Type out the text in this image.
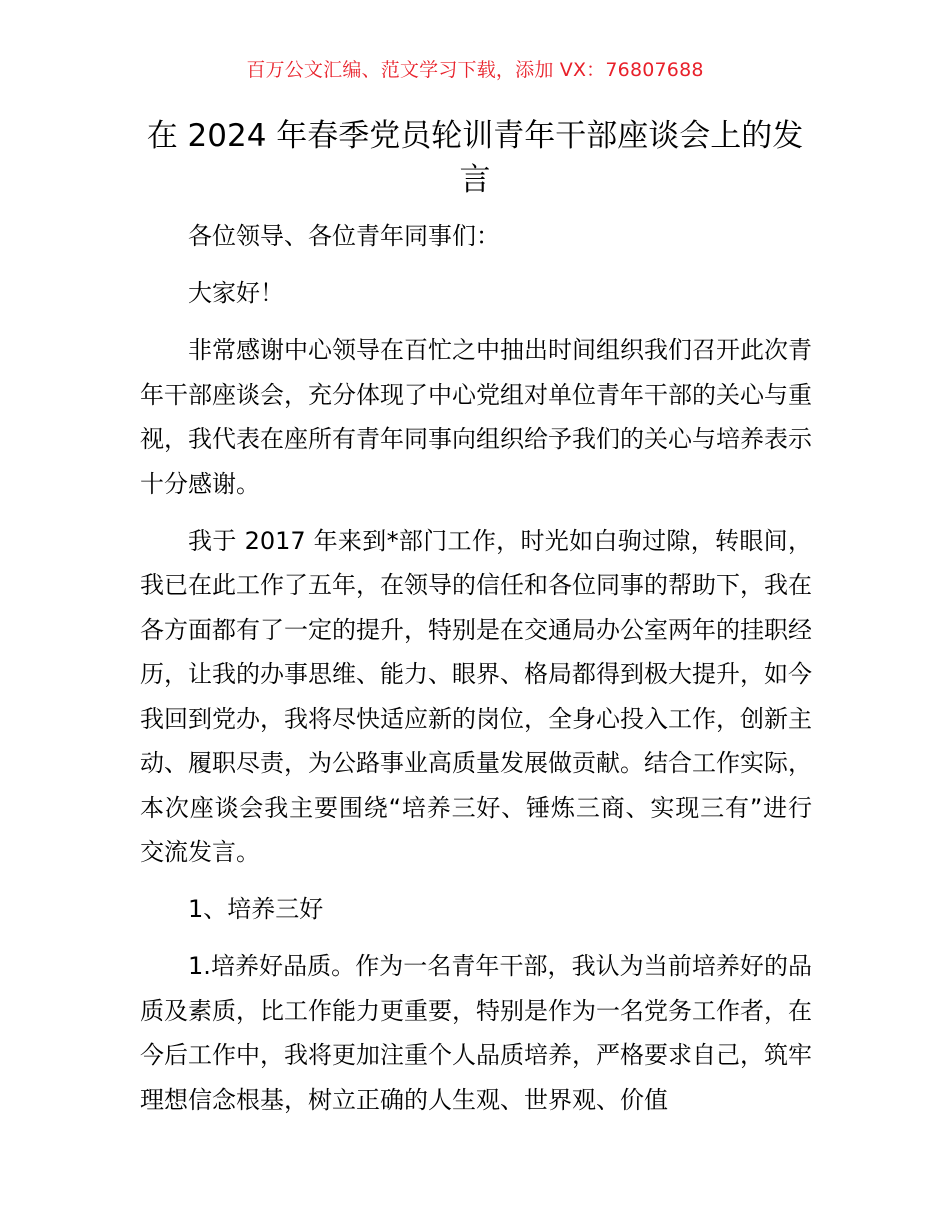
百万公文汇编、范文学习下载，添加 VX：76807688
在 2024 年春季党员轮训青年干部座谈会上的发言

各位领导、各位青年同事们：

大家好！

非常感谢中心领导在百忙之中抽出时间组织我们召开此次青年干部座谈会，充分体现了中心党组对单位青年干部的关心与重视，我代表在座所有青年同事向组织给予我们的关心与培养表示十分感谢。

我于 2017 年来到*部门工作，时光如白驹过隙，转眼间，我已在此工作了五年，在领导的信任和各位同事的帮助下，我在各方面都有了一定的提升，特别是在交通局办公室两年的挂职经历，让我的办事思维、能力、眼界、格局都得到极大提升，如今我回到党办，我将尽快适应新的岗位，全身心投入工作，创新主动、履职尽责，为公路事业高质量发展做贡献。结合工作实际，本次座谈会我主要围绕“培养三好、锤炼三商、实现三有”进行交流发言。

1、培养三好

1.培养好品质。作为一名青年干部，我认为当前培养好的品质及素质，比工作能力更重要，特别是作为一名党务工作者，在今后工作中，我将更加注重个人品质培养，严格要求自己，筑牢理想信念根基，树立正确的人生观、世界观、价值
